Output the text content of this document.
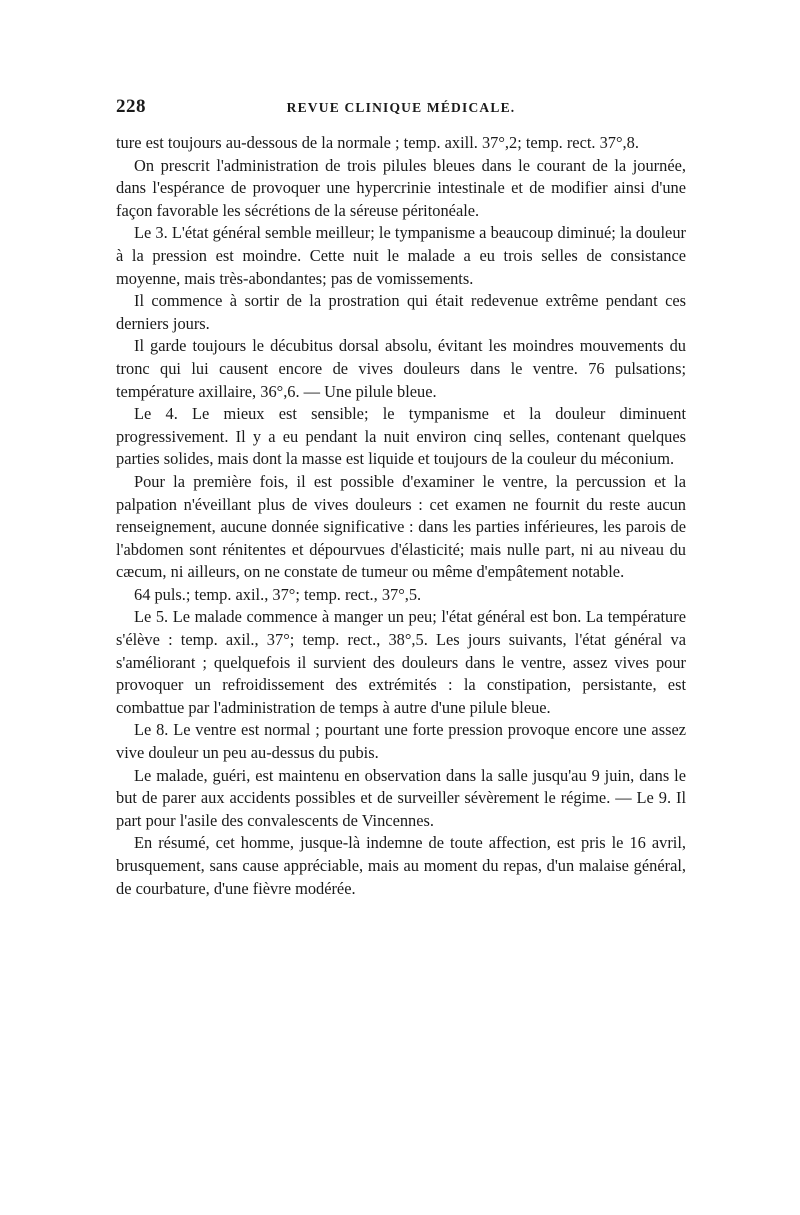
228	REVUE CLINIQUE MÉDICALE.

ture est toujours au-dessous de la normale ; temp. axill. 37°,2; temp. rect. 37°,8.

On prescrit l'administration de trois pilules bleues dans le courant de la journée, dans l'espérance de provoquer une hypercrinie intestinale et de modifier ainsi d'une façon favorable les sécrétions de la séreuse péritonéale.

Le 3. L'état général semble meilleur; le tympanisme a beaucoup diminué; la douleur à la pression est moindre. Cette nuit le malade a eu trois selles de consistance moyenne, mais très-abondantes; pas de vomissements.

Il commence à sortir de la prostration qui était redevenue extrême pendant ces derniers jours.

Il garde toujours le décubitus dorsal absolu, évitant les moindres mouvements du tronc qui lui causent encore de vives douleurs dans le ventre. 76 pulsations; température axillaire, 36°,6. — Une pilule bleue.

Le 4. Le mieux est sensible; le tympanisme et la douleur diminuent progressivement. Il y a eu pendant la nuit environ cinq selles, contenant quelques parties solides, mais dont la masse est liquide et toujours de la couleur du méconium.

Pour la première fois, il est possible d'examiner le ventre, la percussion et la palpation n'éveillant plus de vives douleurs : cet examen ne fournit du reste aucun renseignement, aucune donnée significative : dans les parties inférieures, les parois de l'abdomen sont rénitentes et dépourvues d'élasticité; mais nulle part, ni au niveau du cæcum, ni ailleurs, on ne constate de tumeur ou même d'empâtement notable.

64 puls.; temp. axil., 37°; temp. rect., 37°,5.

Le 5. Le malade commence à manger un peu; l'état général est bon. La température s'élève : temp. axil., 37°; temp. rect., 38°,5. Les jours suivants, l'état général va s'améliorant ; quelquefois il survient des douleurs dans le ventre, assez vives pour provoquer un refroidissement des extrémités : la constipation, persistante, est combattue par l'administration de temps à autre d'une pilule bleue.

Le 8. Le ventre est normal ; pourtant une forte pression provoque encore une assez vive douleur un peu au-dessus du pubis.

Le malade, guéri, est maintenu en observation dans la salle jusqu'au 9 juin, dans le but de parer aux accidents possibles et de surveiller sévèrement le régime. — Le 9. Il part pour l'asile des convalescents de Vincennes.

En résumé, cet homme, jusque-là indemne de toute affection, est pris le 16 avril, brusquement, sans cause appréciable, mais au moment du repas, d'un malaise général, de courbature, d'une fièvre modérée.
